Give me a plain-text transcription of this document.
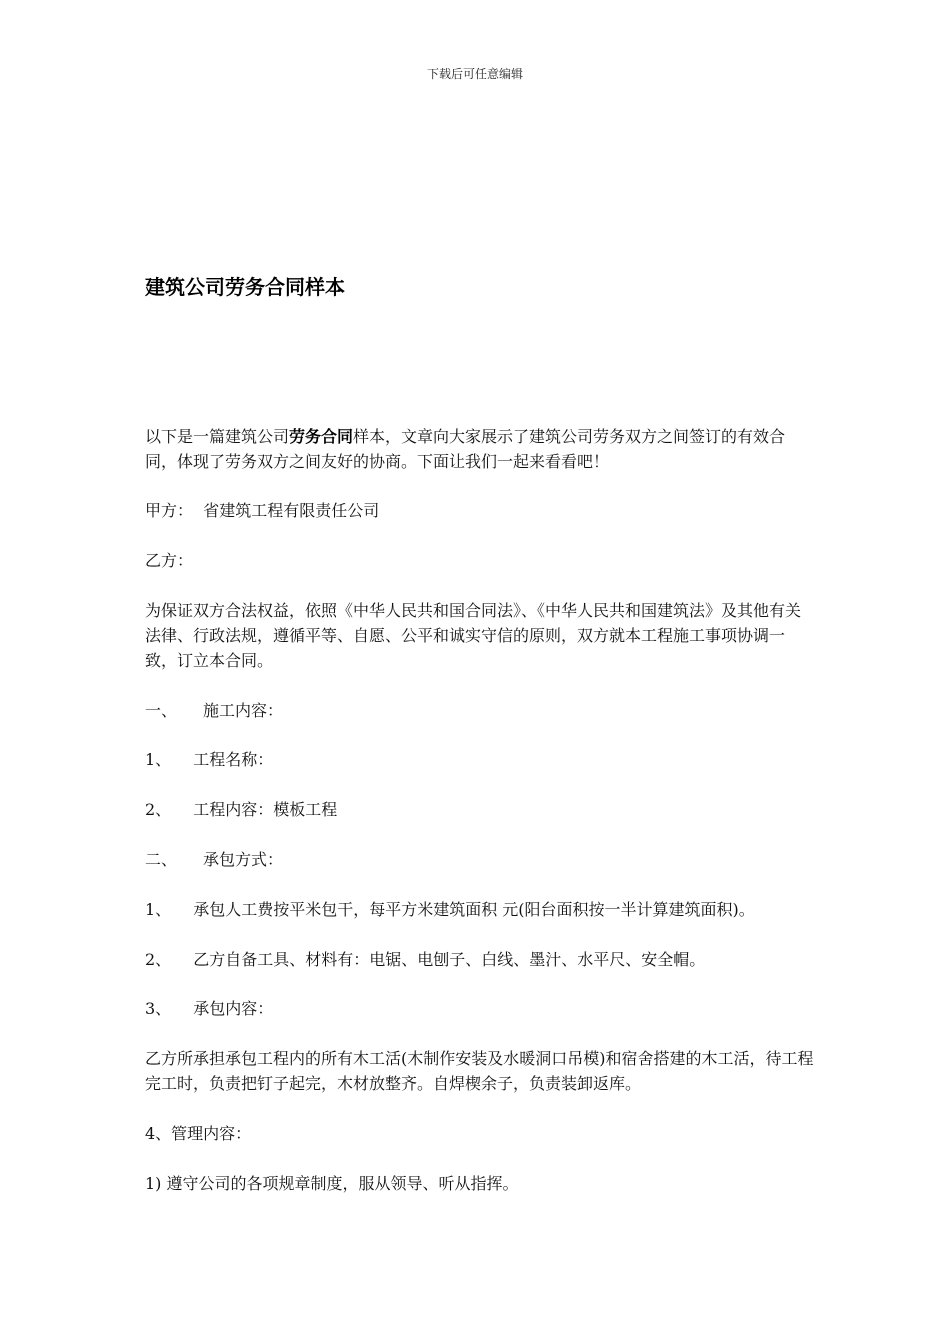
下载后可任意编辑
建筑公司劳务合同样本

以下是一篇建筑公司劳务合同样本，文章向大家展示了建筑公司劳务双方之间签订的有效合同，体现了劳务双方之间友好的协商。下面让我们一起来看看吧！

甲方： 省建筑工程有限责任公司

乙方：

为保证双方合法权益，依照《中华人民共和国合同法》、《中华人民共和国建筑法》及其他有关法律、行政法规，遵循平等、自愿、公平和诚实守信的原则，双方就本工程施工事项协调一致，订立本合同。

一、 施工内容：

1、 工程名称：

2、 工程内容：模板工程

二、 承包方式：

1、 承包人工费按平米包干，每平方米建筑面积 元(阳台面积按一半计算建筑面积)。

2、 乙方自备工具、材料有：电锯、电刨子、白线、墨汁、水平尺、安全帽。

3、 承包内容：

乙方所承担承包工程内的所有木工活(木制作安装及水暖洞口吊模)和宿舍搭建的木工活，待工程完工时，负责把钉子起完，木材放整齐。自焊楔余子，负责装卸返库。

4、管理内容：

1) 遵守公司的各项规章制度，服从领导、听从指挥。
